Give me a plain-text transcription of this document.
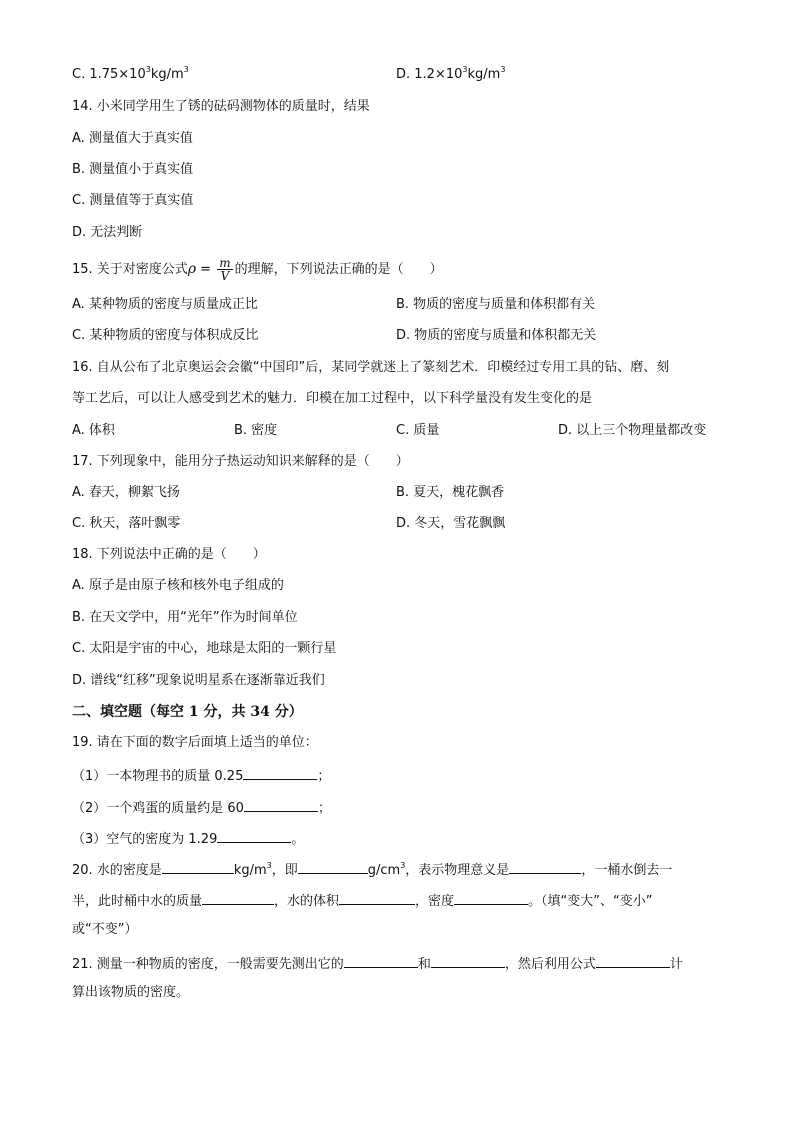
C. $1.75\times 10^3kg/m^3$	D. $1.2\times 10^3kg/m^3$
14. 小米同学用生了锈的砝码测物体的质量时，结果
A. 测量值大于真实值
B. 测量值小于真实值
C. 测量值等于真实值
D. 无法判断
15. 关于对密度公式$\rho = \frac{m}{V}$ 的理解，下列说法正确的是（　　）
A. 某种物质的密度与质量成正比	B. 物质的密度与质量和体积都有关
C. 某种物质的密度与体积成反比	D. 物质的密度与质量和体积都无关
16. 自从公布了北京奥运会会徽“中国印”后，某同学就迷上了篆刻艺术．印模经过专用工具的钻、磨、刻
等工艺后，可以让人感受到艺术的魅力．印模在加工过程中，以下科学量没有发生变化的是
A. 体积	B. 密度	C. 质量	D. 以上三个物理量都改变
17. 下列现象中，能用分子热运动知识来解释的是（　　）
A. 春天，柳絮飞扬	B. 夏天，槐花飘香
C. 秋天，落叶飘零	D. 冬天，雪花飘飘
18. 下列说法中正确的是（　　）
A. 原子是由原子核和核外电子组成的
B. 在天文学中，用“光年”作为时间单位
C. 太阳是宇宙的中心，地球是太阳的一颗行星
D. 谱线“红移”现象说明星系在逐渐靠近我们
二、填空题（每空 1 分，共 34 分）
19. 请在下面的数字后面填上适当的单位：
（1）一本物理书的质量 0.25	；
（2）一个鸡蛋的质量约是 60	；
（3）空气的密度为 1.29	。
20. 水的密度是	$kg/m^3$，即	$g/cm^3$，表示物理意义是	，一桶水倒去一
半，此时桶中水的质量	，水的体积	，密度	。（填“变大”、“变小”
或“不变”）
21. 测量一种物质的密度，一般需要先测出它的	和	，然后利用公式	计
算出该物质的密度。
